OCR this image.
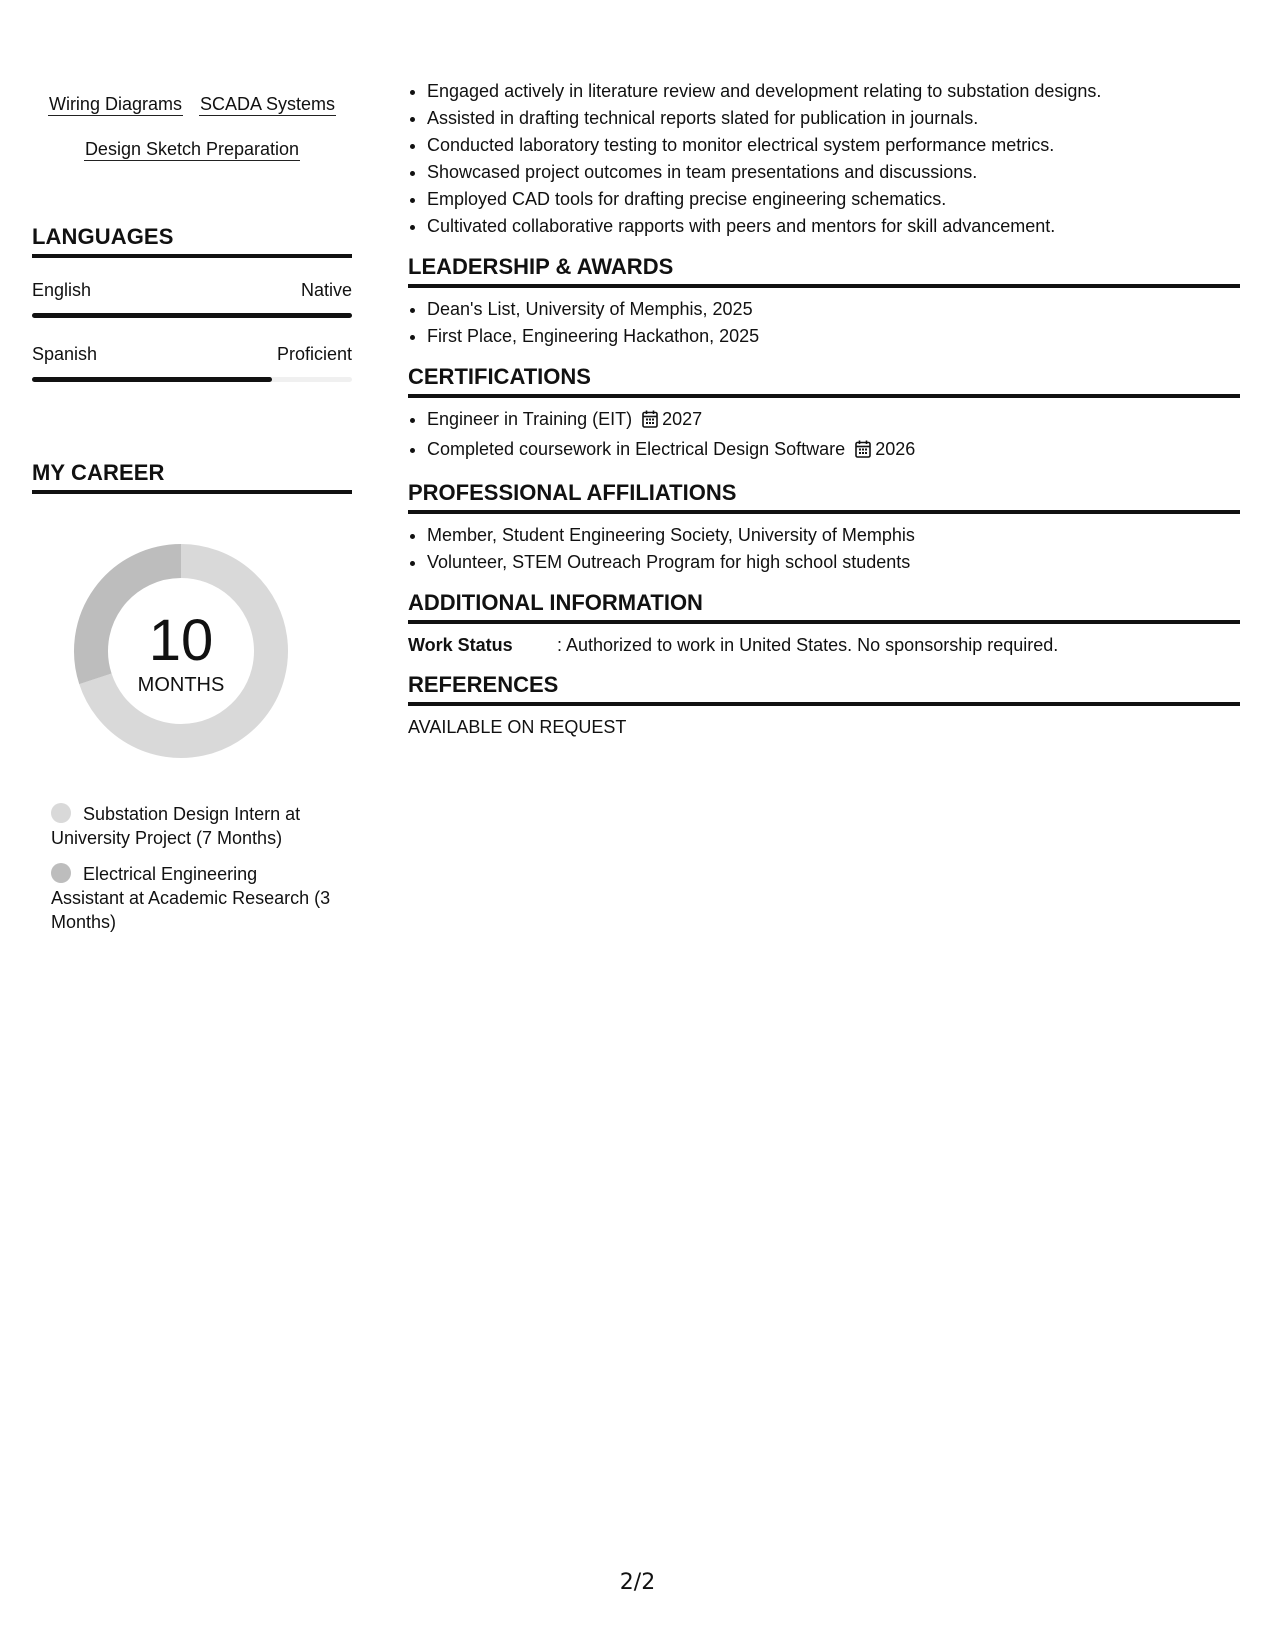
Wiring Diagrams SCADA Systems
Design Sketch Preparation
LANGUAGES
English	Native
Spanish	Proficient
MY CAREER
10
MONTHS
Substation Design Intern at University Project (7 Months)
Electrical Engineering Assistant at Academic Research (3 Months)
• Engaged actively in literature review and development relating to substation designs.
• Assisted in drafting technical reports slated for publication in journals.
• Conducted laboratory testing to monitor electrical system performance metrics.
• Showcased project outcomes in team presentations and discussions.
• Employed CAD tools for drafting precise engineering schematics.
• Cultivated collaborative rapports with peers and mentors for skill advancement.
LEADERSHIP & AWARDS
• Dean's List, University of Memphis, 2025
• First Place, Engineering Hackathon, 2025
CERTIFICATIONS
• Engineer in Training (EIT) 2027
• Completed coursework in Electrical Design Software 2026
PROFESSIONAL AFFILIATIONS
• Member, Student Engineering Society, University of Memphis
• Volunteer, STEM Outreach Program for high school students
ADDITIONAL INFORMATION
Work Status	: Authorized to work in United States. No sponsorship required.
REFERENCES
AVAILABLE ON REQUEST
2/2
